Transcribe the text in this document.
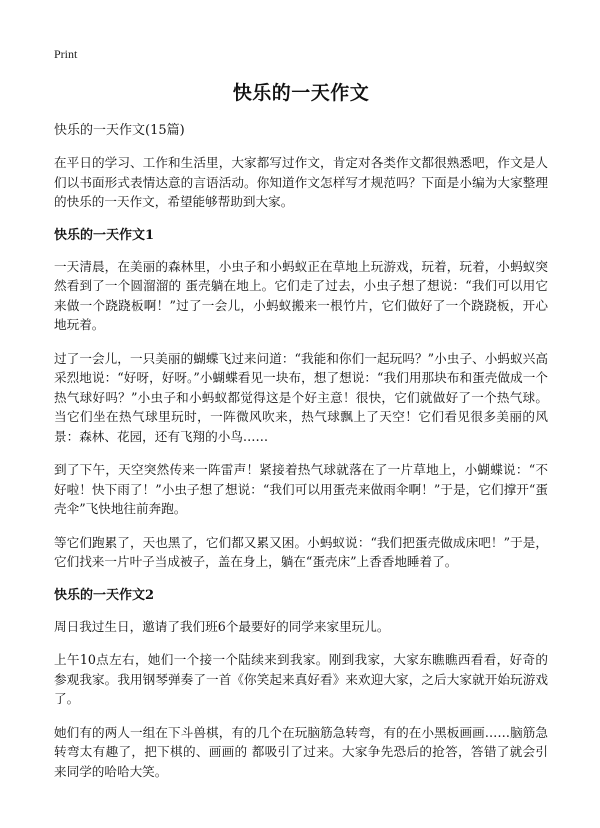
Print
快乐的一天作文

快乐的一天作文(15篇)

在平日的学习、工作和生活里，大家都写过作文，肯定对各类作文都很熟悉吧，作文是人们以书面形式表情达意的言语活动。你知道作文怎样写才规范吗？下面是小编为大家整理的快乐的一天作文，希望能够帮助到大家。

快乐的一天作文1

一天清晨，在美丽的森林里，小虫子和小蚂蚁正在草地上玩游戏，玩着，玩着，小蚂蚁突然看到了一个圆溜溜的 蛋壳躺在地上。它们走了过去，小虫子想了想说：“我们可以用它来做一个跷跷板啊！”过了一会儿，小蚂蚁搬来一根竹片，它们做好了一个跷跷板，开心地玩着。

过了一会儿，一只美丽的蝴蝶飞过来问道：“我能和你们一起玩吗？”小虫子、小蚂蚁兴高采烈地说：“好呀，好呀。”小蝴蝶看见一块布，想了想说：“我们用那块布和蛋壳做成一个热气球好吗？”小虫子和小蚂蚁都觉得这是个好主意！很快，它们就做好了一个热气球。当它们坐在热气球里玩时，一阵微风吹来，热气球飘上了天空！它们看见很多美丽的风景：森林、花园，还有飞翔的小鸟……

到了下午，天空突然传来一阵雷声！紧接着热气球就落在了一片草地上，小蝴蝶说：“不好啦！快下雨了！”小虫子想了想说：“我们可以用蛋壳来做雨伞啊！”于是，它们撑开“蛋壳伞”飞快地往前奔跑。

等它们跑累了，天也黑了，它们都又累又困。小蚂蚁说：“我们把蛋壳做成床吧！”于是，它们找来一片叶子当成被子，盖在身上，躺在“蛋壳床”上香香地睡着了。

快乐的一天作文2

周日我过生日，邀请了我们班6个最要好的同学来家里玩儿。

上午10点左右，她们一个接一个陆续来到我家。刚到我家，大家东瞧瞧西看看，好奇的参观我家。我用钢琴弹奏了一首《你笑起来真好看》来欢迎大家，之后大家就开始玩游戏了。

她们有的两人一组在下斗兽棋，有的几个在玩脑筋急转弯，有的在小黑板画画……脑筋急转弯太有趣了，把下棋的、画画的 都吸引了过来。大家争先恐后的抢答，答错了就会引来同学的哈哈大笑。
